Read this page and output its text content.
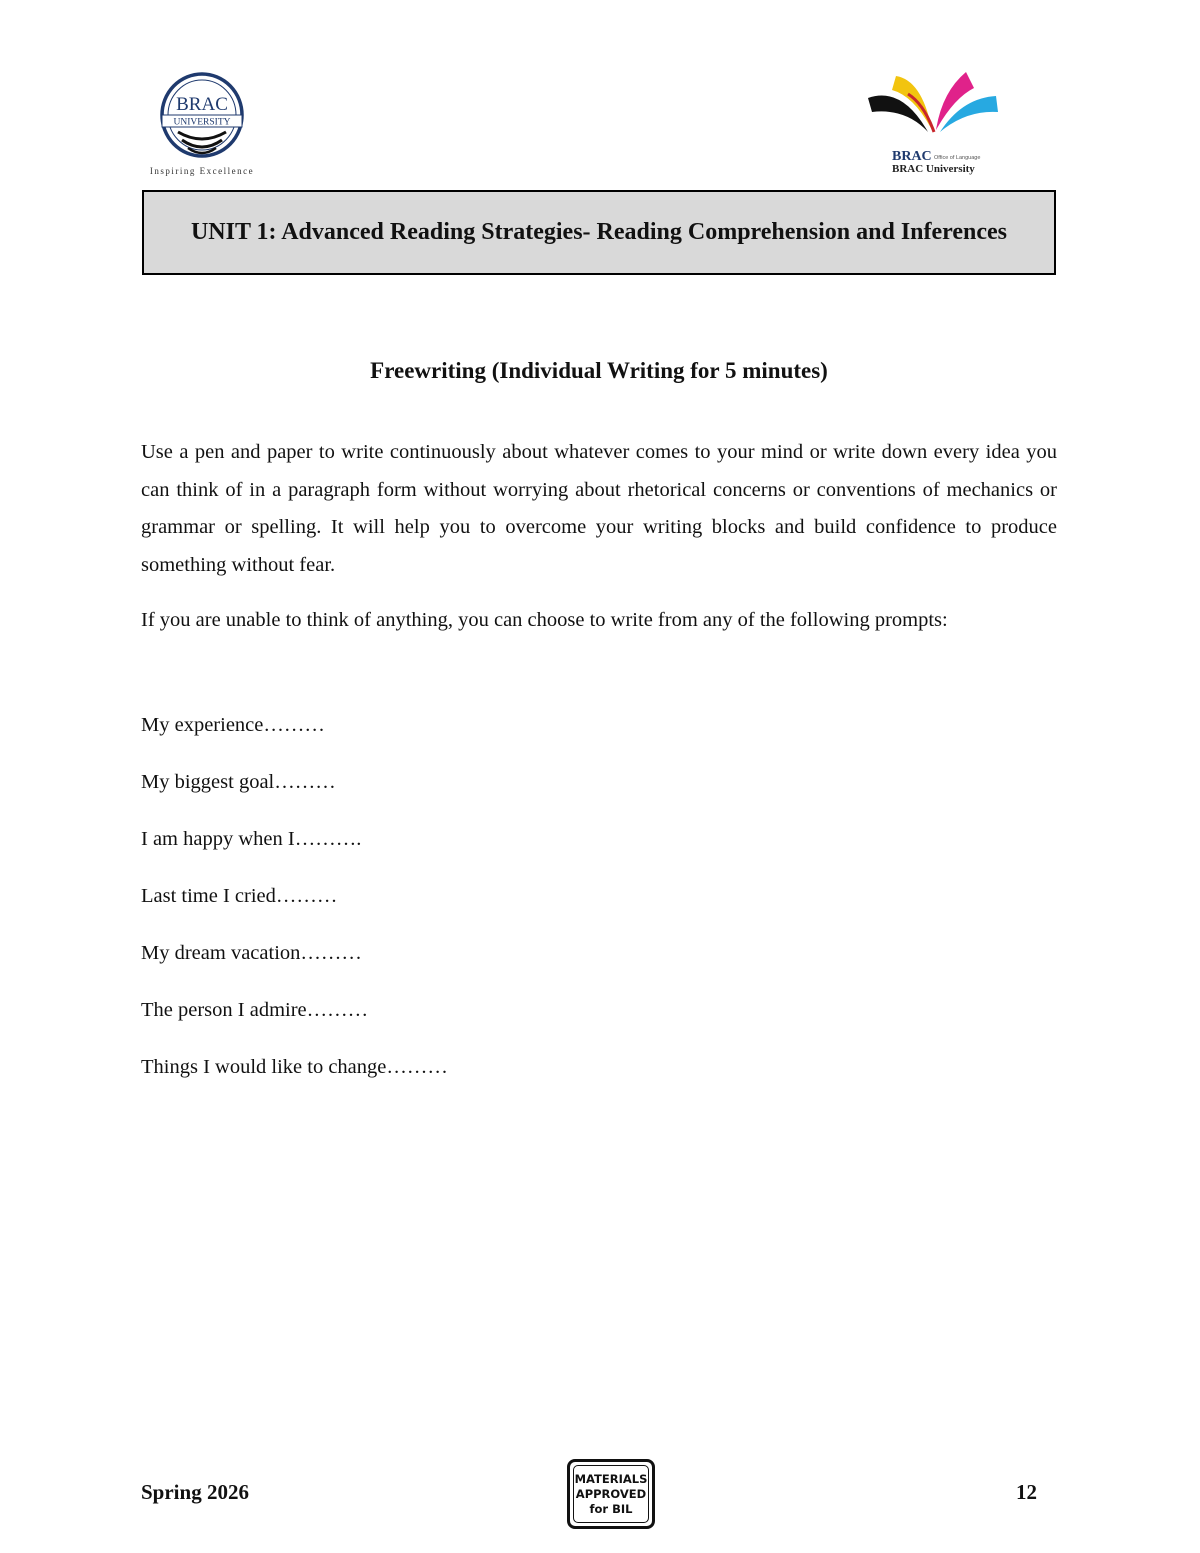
BRAC
UNIVERSITY
Inspiring Excellence
BRAC Office of Language
BRAC University
UNIT 1: Advanced Reading Strategies- Reading Comprehension and Inferences
Freewriting (Individual Writing for 5 minutes)

Use a pen and paper to write continuously about whatever comes to your mind or write down every idea you can think of in a paragraph form without worrying about rhetorical concerns or conventions of mechanics or grammar or spelling. It will help you to overcome your writing blocks and build confidence to produce something without fear.

If you are unable to think of anything, you can choose to write from any of the following prompts:

My experience………
My biggest goal………
I am happy when I……….
Last time I cried………
My dream vacation………
The person I admire………
Things I would like to change………
Spring 2026
MATERIALS
APPROVED
for BIL
12
